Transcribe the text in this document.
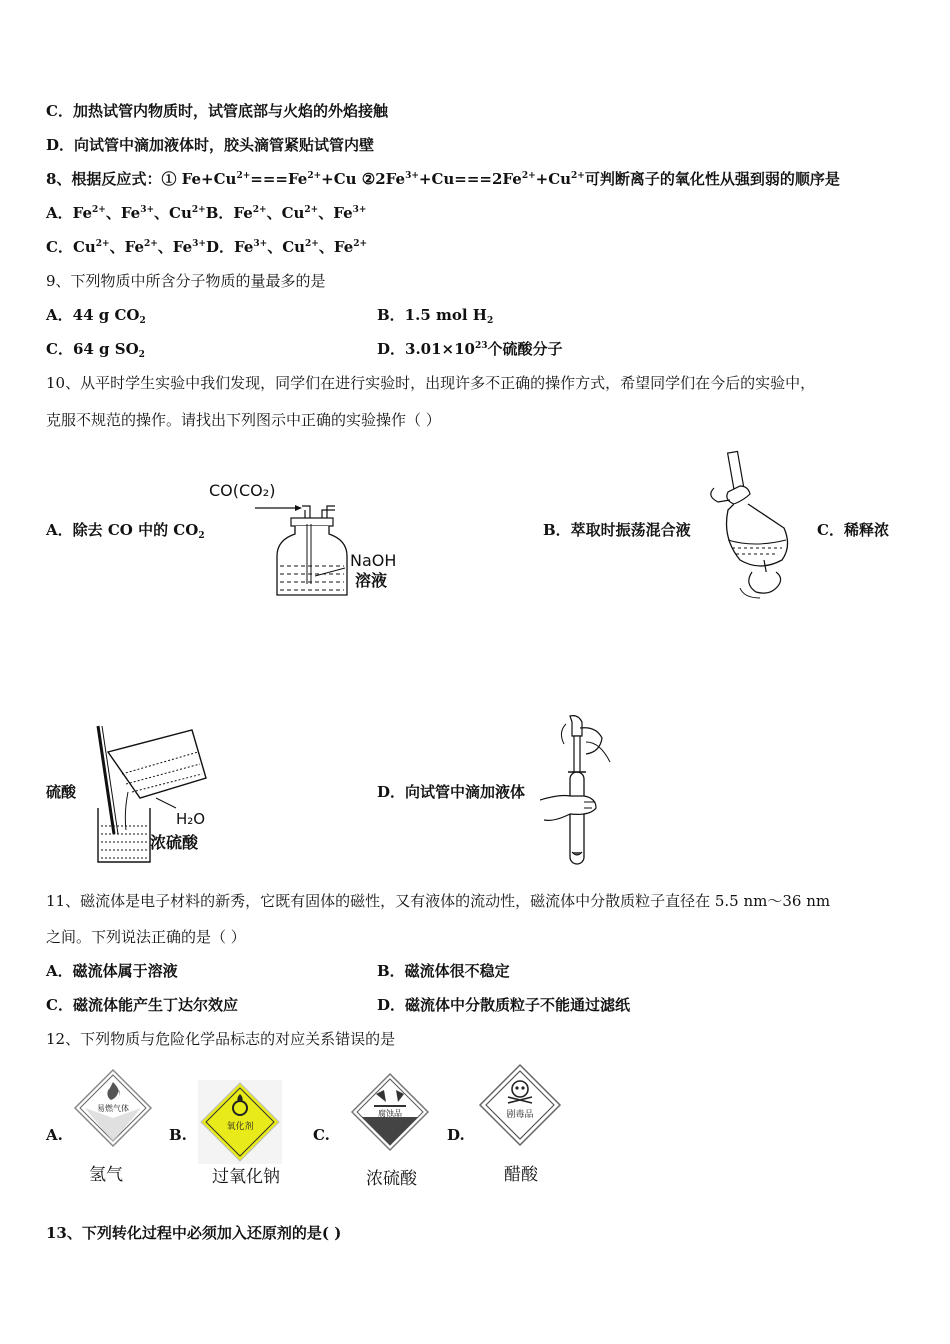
C．加热试管内物质时，试管底部与火焰的外焰接触
D．向试管中滴加液体时，胶头滴管紧贴试管内壁
8、根据反应式：① $Fe+Cu^{2+}===Fe^{2+}+Cu$ $②2Fe^{3+}+Cu===2Fe^{2+}+Cu^{2+}$可判断离子的氧化性从强到弱的顺序是
A．$Fe^{2+}$、$Fe^{3+}$、$Cu^{2+}B$．$Fe^{2+}$、$Cu^{2+}$、$Fe^{3+}$
C．$Cu^{2+}$、$Fe^{2+}$、$Fe^{3+}D$．$Fe^{3+}$、$Cu^{2+}$、$Fe^{2+}$
9、下列物质中所含分子物质的量最多的是
A．44 g $CO_2$	B．1.5 mol $H_2$
C．64 g $SO_2$	D．$3.01\times 10^{23}$个硫酸分子
10、从平时学生实验中我们发现，同学们在进行实验时，出现许多不正确的操作方式，希望同学们在今后的实验中，
克服不规范的操作。请找出下列图示中正确的实验操作（ ）
A．除去 CO 中的 $CO_2$
CO(CO₂)
NaOH
溶液
B．萃取时振荡混合液	C．稀释浓
硫酸
H₂O
浓硫酸
D．向试管中滴加液体
11、磁流体是电子材料的新秀，它既有固体的磁性，又有液体的流动性，磁流体中分散质粒子直径在 5.5 nm～36 nm
之间。下列说法正确的是（ ）
A．磁流体属于溶液	B．磁流体很不稳定
C．磁流体能产生丁达尔效应	D．磁流体中分散质粒子不能通过滤纸
12、下列物质与危险化学品标志的对应关系错误的是
A.	B.	C.	D.
易燃气体
氢气
氧化剂
过氧化钠
腐蚀品
浓硫酸
剧毒品
醋酸
13、下列转化过程中必须加入还原剂的是( )
